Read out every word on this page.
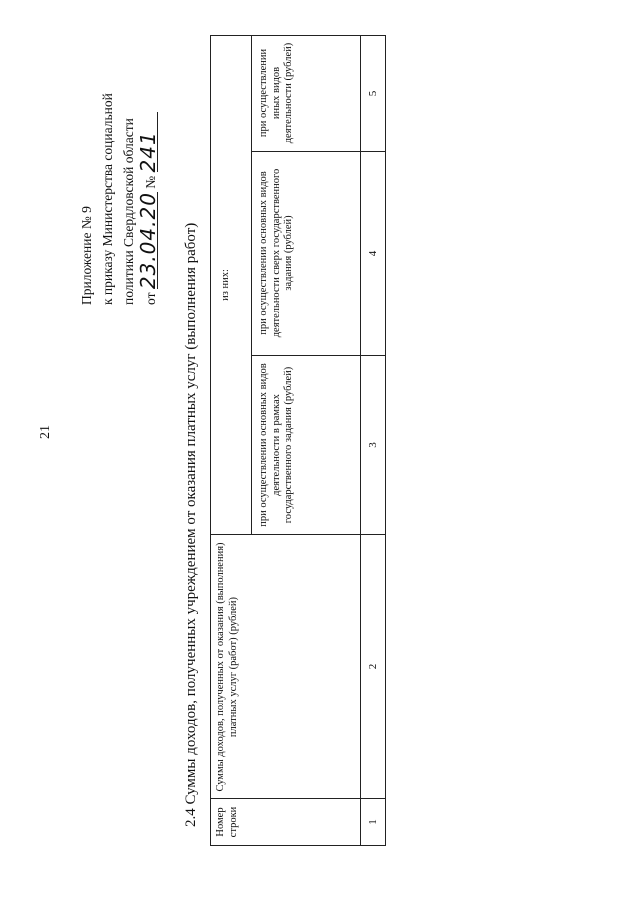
21
Приложение № 9 к приказу Министерства социальной политики Свердловской области от 23.04.20 № 241
2.4 Суммы доходов, полученных учреждением от оказания платных услуг (выполнения работ) Номер строки
Суммы доходов, полученных от оказания (выполнения) платных услуг (работ) (рублей)
из них:
при осуществлении основных видов деятельности в рамках государственного задания (рублей)
при осуществлении основных видов деятельности сверх государственного задания (рублей)
при осуществлении иных видов деятельности (рублей)
1
2
3
4
5
